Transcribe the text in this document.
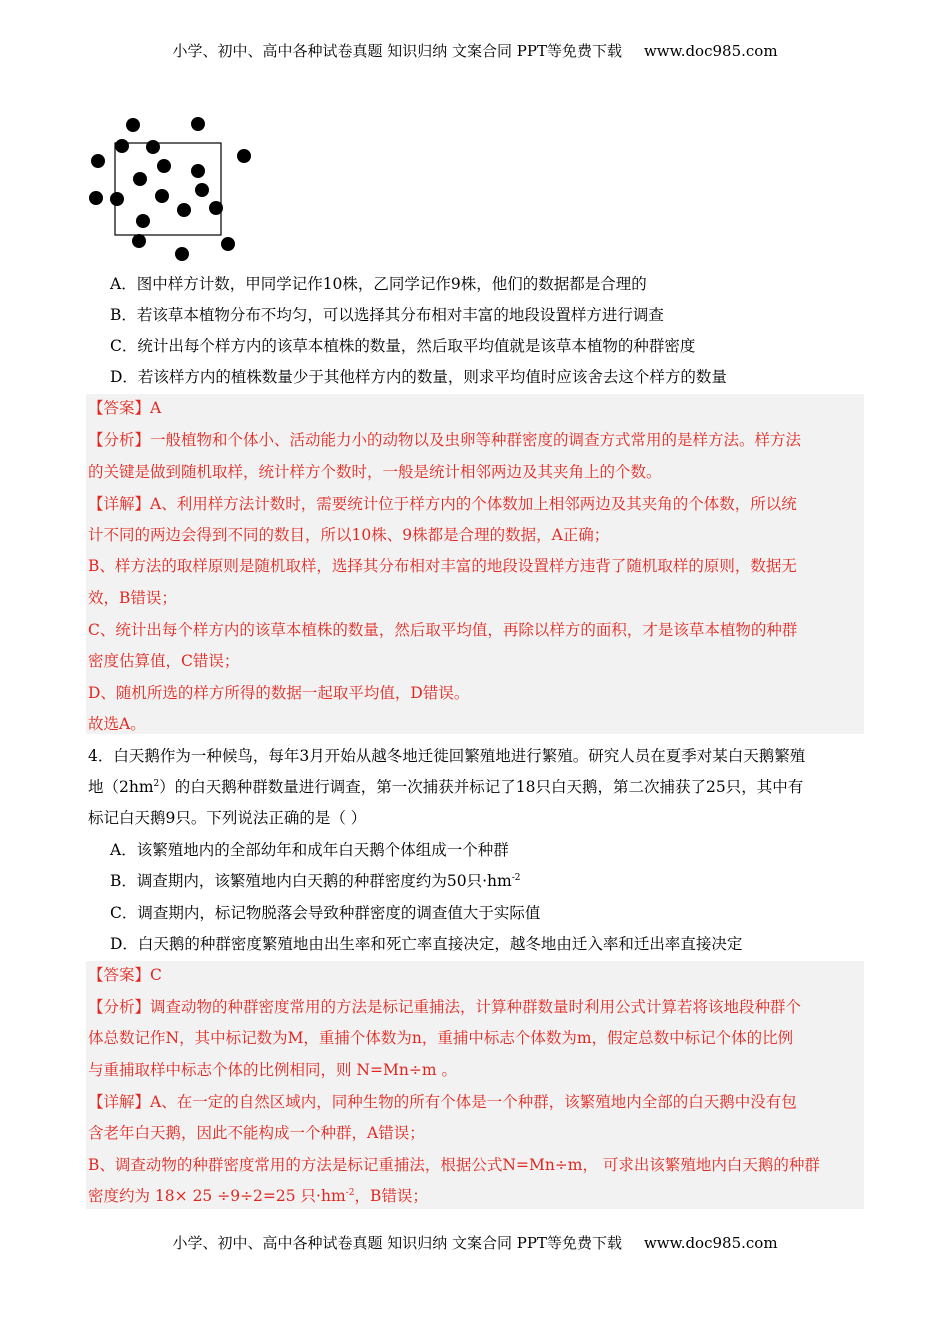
小学、初中、高中各种试卷真题 知识归纳 文案合同 PPT等免费下载 www.doc985.com
A．图中样方计数，甲同学记作10株，乙同学记作9株，他们的数据都是合理的
B．若该草本植物分布不均匀，可以选择其分布相对丰富的地段设置样方进行调查
C．统计出每个样方内的该草本植株的数量，然后取平均值就是该草本植物的种群密度
D．若该样方内的植株数量少于其他样方内的数量，则求平均值时应该舍去这个样方的数量
【答案】A
【分析】一般植物和个体小、活动能力小的动物以及虫卵等种群密度的调查方式常用的是样方法。样方法
的关键是做到随机取样，统计样方个数时，一般是统计相邻两边及其夹角上的个数。
【详解】A、利用样方法计数时，需要统计位于样方内的个体数加上相邻两边及其夹角的个体数，所以统
计不同的两边会得到不同的数目，所以10株、9株都是合理的数据，A正确；
B、样方法的取样原则是随机取样，选择其分布相对丰富的地段设置样方违背了随机取样的原则，数据无
效，B错误；
C、统计出每个样方内的该草本植株的数量，然后取平均值，再除以样方的面积，才是该草本植物的种群
密度估算值，C错误；
D、随机所选的样方所得的数据一起取平均值，D错误。
故选A。
4．白天鹅作为一种候鸟，每年3月开始从越冬地迁徙回繁殖地进行繁殖。研究人员在夏季对某白天鹅繁殖
地$(2hm^2)$的白天鹅种群数量进行调查，第一次捕获并标记了18只白天鹅，第二次捕获了25只，其中有
标记白天鹅9只。下列说法正确的是（ ）
A．该繁殖地内的全部幼年和成年白天鹅个体组成一个种群
B．调查期内，该繁殖地内白天鹅的种群密度约为50只$\cdot hm^{-2}$
C．调查期内，标记物脱落会导致种群密度的调查值大于实际值
D．白天鹅的种群密度繁殖地由出生率和死亡率直接决定，越冬地由迁入率和迁出率直接决定
【答案】C
【分析】调查动物的种群密度常用的方法是标记重捕法，计算种群数量时利用公式计算若将该地段种群个
体总数记作N，其中标记数为M，重捕个体数为n，重捕中标志个体数为m，假定总数中标记个体的比例
与重捕取样中标志个体的比例相同，则 N=Mn÷m 。
【详解】A、在一定的自然区域内，同种生物的所有个体是一个种群，该繁殖地内全部的白天鹅中没有包
含老年白天鹅，因此不能构成一个种群，A错误；
B、调查动物的种群密度常用的方法是标记重捕法，根据公式N=Mn÷m， 可求出该繁殖地内白天鹅的种群
密度约为 18× 25 ÷9÷2=25 只$\cdot hm^{-2}$，B错误；
小学、初中、高中各种试卷真题 知识归纳 文案合同 PPT等免费下载 www.doc985.com
